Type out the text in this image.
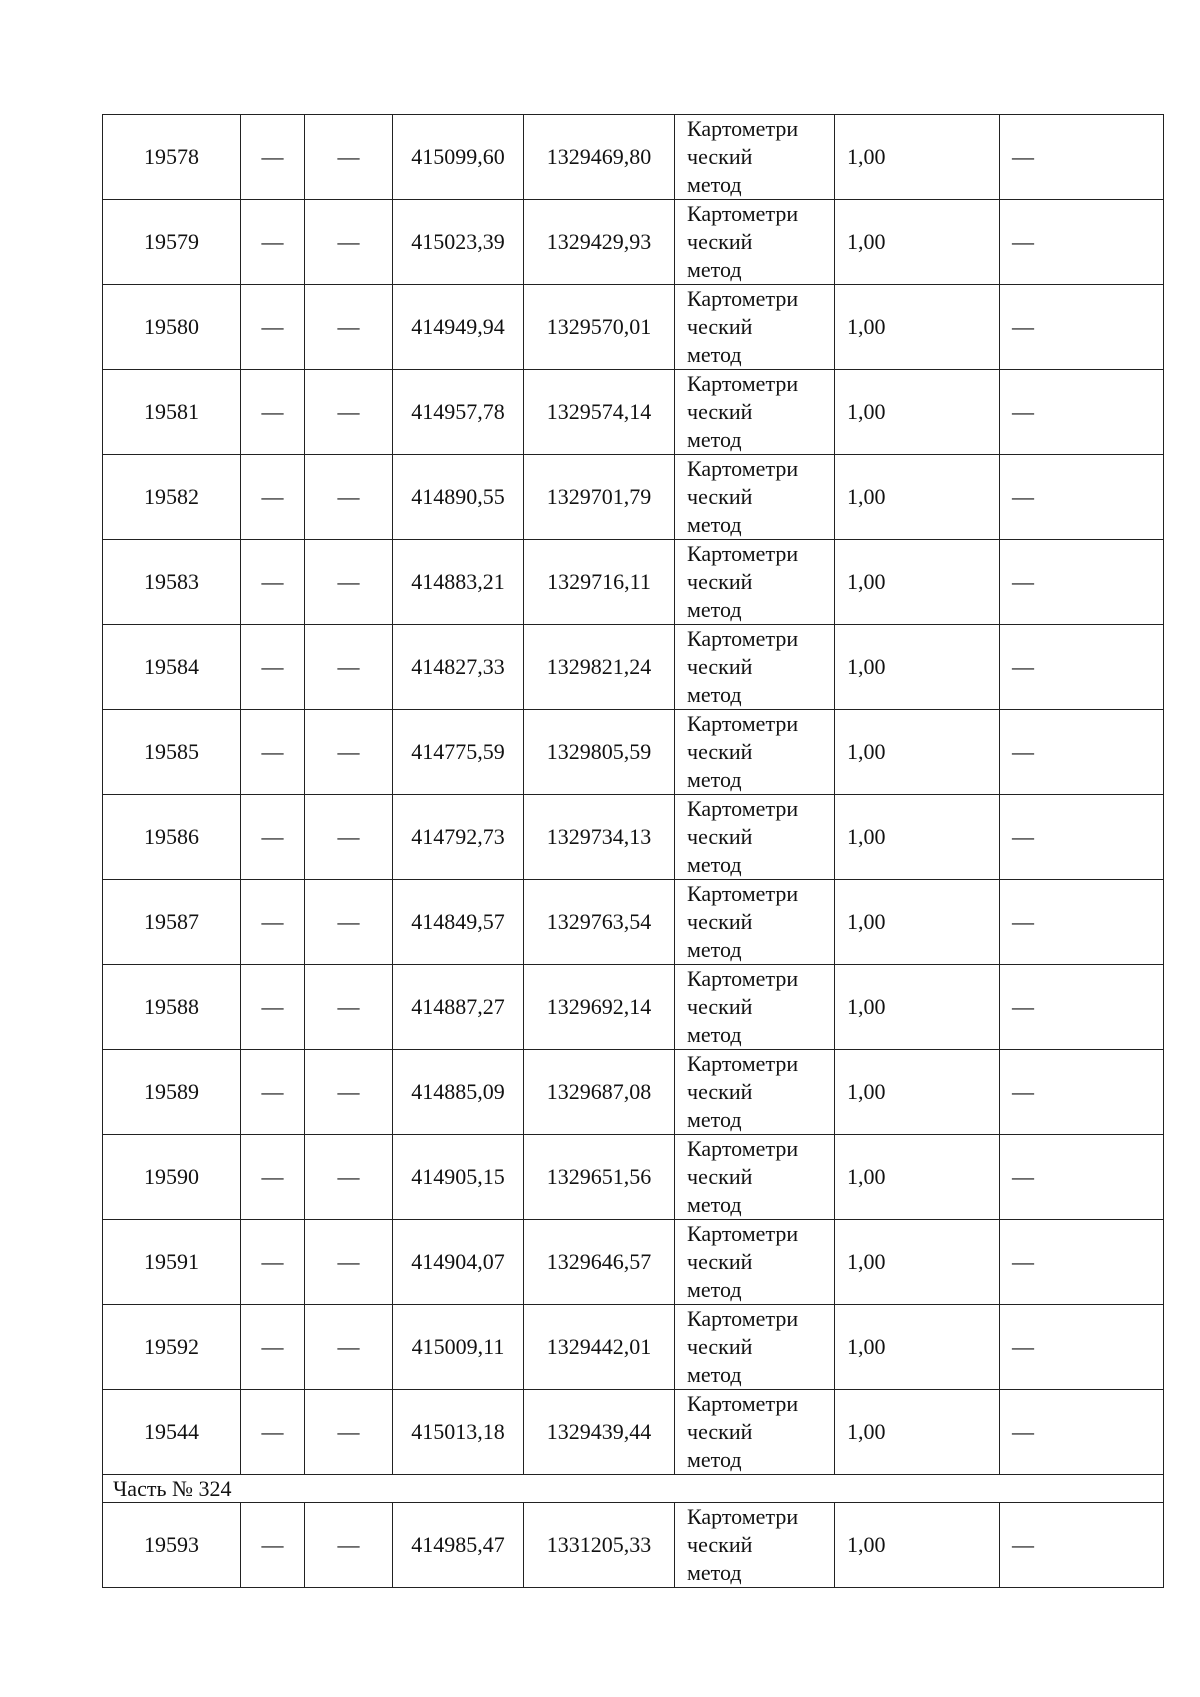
19578	—	—	415099,60	1329469,80	Картометри
ческий
метод	1,00	—
19579	—	—	415023,39	1329429,93	Картометри
ческий
метод	1,00	—
19580	—	—	414949,94	1329570,01	Картометри
ческий
метод	1,00	—
19581	—	—	414957,78	1329574,14	Картометри
ческий
метод	1,00	—
19582	—	—	414890,55	1329701,79	Картометри
ческий
метод	1,00	—
19583	—	—	414883,21	1329716,11	Картометри
ческий
метод	1,00	—
19584	—	—	414827,33	1329821,24	Картометри
ческий
метод	1,00	—
19585	—	—	414775,59	1329805,59	Картометри
ческий
метод	1,00	—
19586	—	—	414792,73	1329734,13	Картометри
ческий
метод	1,00	—
19587	—	—	414849,57	1329763,54	Картометри
ческий
метод	1,00	—
19588	—	—	414887,27	1329692,14	Картометри
ческий
метод	1,00	—
19589	—	—	414885,09	1329687,08	Картометри
ческий
метод	1,00	—
19590	—	—	414905,15	1329651,56	Картометри
ческий
метод	1,00	—
19591	—	—	414904,07	1329646,57	Картометри
ческий
метод	1,00	—
19592	—	—	415009,11	1329442,01	Картометри
ческий
метод	1,00	—
19544	—	—	415013,18	1329439,44	Картометри
ческий
метод	1,00	—
Часть № 324							
19593	—	—	414985,47	1331205,33	Картометри
ческий
метод	1,00	—
